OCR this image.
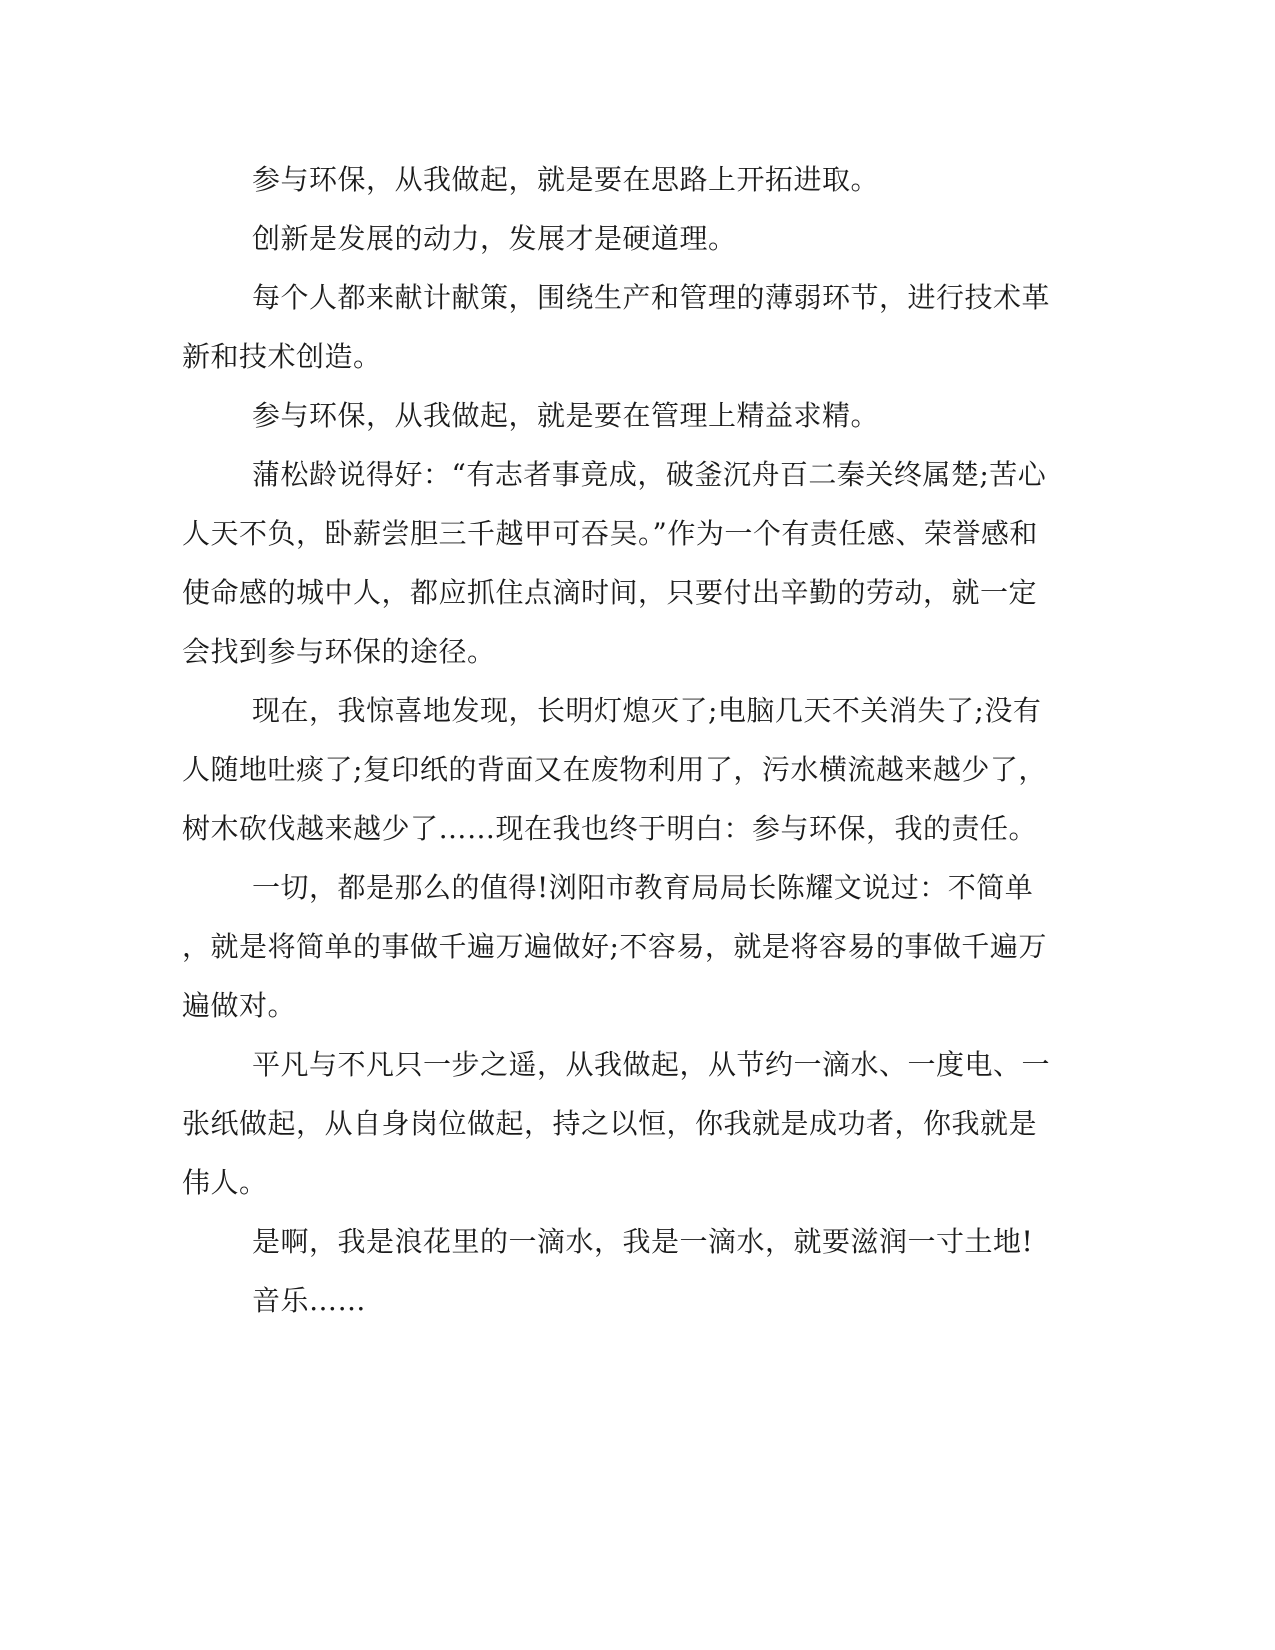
参与环保，从我做起，就是要在思路上开拓进取。
创新是发展的动力，发展才是硬道理。
每个人都来献计献策，围绕生产和管理的薄弱环节，进行技术革
新和技术创造。
参与环保，从我做起，就是要在管理上精益求精。
蒲松龄说得好：“有志者事竟成，破釜沉舟百二秦关终属楚;苦心
人天不负，卧薪尝胆三千越甲可吞吴。”作为一个有责任感、荣誉感和
使命感的城中人，都应抓住点滴时间，只要付出辛勤的劳动，就一定
会找到参与环保的途径。
现在，我惊喜地发现，长明灯熄灭了;电脑几天不关消失了;没有
人随地吐痰了;复印纸的背面又在废物利用了，污水横流越来越少了，
树木砍伐越来越少了……现在我也终于明白：参与环保，我的责任。
一切，都是那么的值得!浏阳市教育局局长陈耀文说过：不简单
，就是将简单的事做千遍万遍做好;不容易，就是将容易的事做千遍万
遍做对。
平凡与不凡只一步之遥，从我做起，从节约一滴水、一度电、一
张纸做起，从自身岗位做起，持之以恒，你我就是成功者，你我就是
伟人。
是啊，我是浪花里的一滴水，我是一滴水，就要滋润一寸土地!
音乐……
